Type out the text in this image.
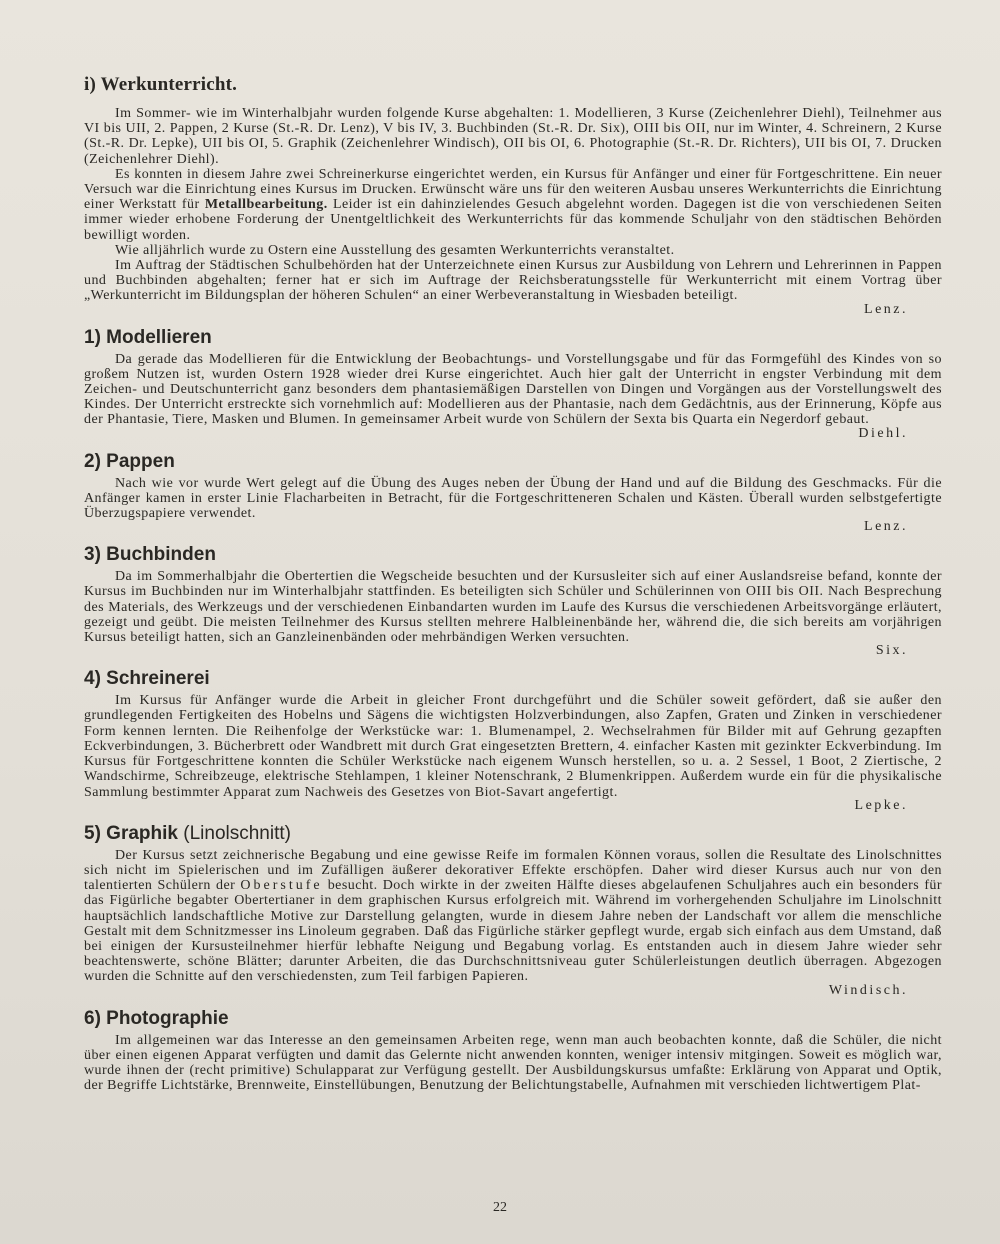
i) Werkunterricht.

Im Sommer- wie im Winterhalbjahr wurden folgende Kurse abgehalten: 1. Modellieren, 3 Kurse (Zeichenlehrer Diehl), Teilnehmer aus VI bis UII, 2. Pappen, 2 Kurse (St.-R. Dr. Lenz), V bis IV, 3. Buchbinden (St.-R. Dr. Six), OIII bis OII, nur im Winter, 4. Schreinern, 2 Kurse (St.-R. Dr. Lepke), UII bis OI, 5. Graphik (Zeichenlehrer Windisch), OII bis OI, 6. Photographie (St.-R. Dr. Richters), UII bis OI, 7. Drucken (Zeichenlehrer Diehl).

Es konnten in diesem Jahre zwei Schreinerkurse eingerichtet werden, ein Kursus für Anfänger und einer für Fortgeschrittene. Ein neuer Versuch war die Einrichtung eines Kursus im Drucken. Erwünscht wäre uns für den weiteren Ausbau unseres Werkunterrichts die Einrichtung einer Werkstatt für Metallbearbeitung. Leider ist ein dahinzielendes Gesuch abgelehnt worden. Dagegen ist die von verschiedenen Seiten immer wieder erhobene Forderung der Unentgeltlichkeit des Werkunterrichts für das kommende Schuljahr von den städtischen Behörden bewilligt worden.

Wie alljährlich wurde zu Ostern eine Ausstellung des gesamten Werkunterrichts veranstaltet.

Im Auftrag der Städtischen Schulbehörden hat der Unterzeichnete einen Kursus zur Ausbildung von Lehrern und Lehrerinnen in Pappen und Buchbinden abgehalten; ferner hat er sich im Auftrage der Reichsberatungsstelle für Werkunterricht mit einem Vortrag über „Werkunterricht im Bildungsplan der höheren Schulen“ an einer Werbeveranstaltung in Wiesbaden beteiligt.

Lenz.
1) Modellieren

Da gerade das Modellieren für die Entwicklung der Beobachtungs- und Vorstellungsgabe und für das Formgefühl des Kindes von so großem Nutzen ist, wurden Ostern 1928 wieder drei Kurse eingerichtet. Auch hier galt der Unterricht in engster Verbindung mit dem Zeichen- und Deutschunterricht ganz besonders dem phantasiemäßigen Darstellen von Dingen und Vorgängen aus der Vorstellungswelt des Kindes. Der Unterricht erstreckte sich vornehmlich auf: Modellieren aus der Phantasie, nach dem Gedächtnis, aus der Erinnerung, Köpfe aus der Phantasie, Tiere, Masken und Blumen. In gemeinsamer Arbeit wurde von Schülern der Sexta bis Quarta ein Negerdorf gebaut.

Diehl.
2) Pappen

Nach wie vor wurde Wert gelegt auf die Übung des Auges neben der Übung der Hand und auf die Bildung des Geschmacks. Für die Anfänger kamen in erster Linie Flacharbeiten in Betracht, für die Fortgeschritteneren Schalen und Kästen. Überall wurden selbstgefertigte Überzugspapiere verwendet.

Lenz.
3) Buchbinden

Da im Sommerhalbjahr die Obertertien die Wegscheide besuchten und der Kursusleiter sich auf einer Auslandsreise befand, konnte der Kursus im Buchbinden nur im Winterhalbjahr stattfinden. Es beteiligten sich Schüler und Schülerinnen von OIII bis OII. Nach Besprechung des Materials, des Werkzeugs und der verschiedenen Einbandarten wurden im Laufe des Kursus die verschiedenen Arbeitsvorgänge erläutert, gezeigt und geübt. Die meisten Teilnehmer des Kursus stellten mehrere Halbleinenbände her, während die, die sich bereits am vorjährigen Kursus beteiligt hatten, sich an Ganzleinenbänden oder mehrbändigen Werken versuchten.

Six.
4) Schreinerei

Im Kursus für Anfänger wurde die Arbeit in gleicher Front durchgeführt und die Schüler soweit gefördert, daß sie außer den grundlegenden Fertigkeiten des Hobelns und Sägens die wichtigsten Holzverbindungen, also Zapfen, Graten und Zinken in verschiedener Form kennen lernten. Die Reihenfolge der Werkstücke war: 1. Blumenampel, 2. Wechselrahmen für Bilder mit auf Gehrung gezapften Eckverbindungen, 3. Bücherbrett oder Wandbrett mit durch Grat eingesetzten Brettern, 4. einfacher Kasten mit gezinkter Eckverbindung. Im Kursus für Fortgeschrittene konnten die Schüler Werkstücke nach eigenem Wunsch herstellen, so u. a. 2 Sessel, 1 Boot, 2 Ziertische, 2 Wandschirme, Schreibzeuge, elektrische Stehlampen, 1 kleiner Notenschrank, 2 Blumenkrippen. Außerdem wurde ein für die physikalische Sammlung bestimmter Apparat zum Nachweis des Gesetzes von Biot-Savart angefertigt.

Lepke.
5) Graphik (Linolschnitt)

Der Kursus setzt zeichnerische Begabung und eine gewisse Reife im formalen Können voraus, sollen die Resultate des Linolschnittes sich nicht im Spielerischen und im Zufälligen äußerer dekorativer Effekte erschöpfen. Daher wird dieser Kursus auch nur von den talentierten Schülern der Oberstufe besucht. Doch wirkte in der zweiten Hälfte dieses abgelaufenen Schuljahres auch ein besonders für das Figürliche begabter Obertertianer in dem graphischen Kursus erfolgreich mit. Während im vorhergehenden Schuljahre im Linolschnitt hauptsächlich landschaftliche Motive zur Darstellung gelangten, wurde in diesem Jahre neben der Landschaft vor allem die menschliche Gestalt mit dem Schnitzmesser ins Linoleum gegraben. Daß das Figürliche stärker gepflegt wurde, ergab sich einfach aus dem Umstand, daß bei einigen der Kursusteilnehmer hierfür lebhafte Neigung und Begabung vorlag. Es entstanden auch in diesem Jahre wieder sehr beachtenswerte, schöne Blätter; darunter Arbeiten, die das Durchschnittsniveau guter Schülerleistungen deutlich überragen. Abgezogen wurden die Schnitte auf den verschiedensten, zum Teil farbigen Papieren.

Windisch.
6) Photographie

Im allgemeinen war das Interesse an den gemeinsamen Arbeiten rege, wenn man auch beobachten konnte, daß die Schüler, die nicht über einen eigenen Apparat verfügten und damit das Gelernte nicht anwenden konnten, weniger intensiv mitgingen. Soweit es möglich war, wurde ihnen der (recht primitive) Schulapparat zur Verfügung gestellt. Der Ausbildungskursus umfaßte: Erklärung von Apparat und Optik, der Begriffe Lichtstärke, Brennweite, Einstellübungen, Benutzung der Belichtungstabelle, Aufnahmen mit verschieden lichtwertigem Plat-

22
